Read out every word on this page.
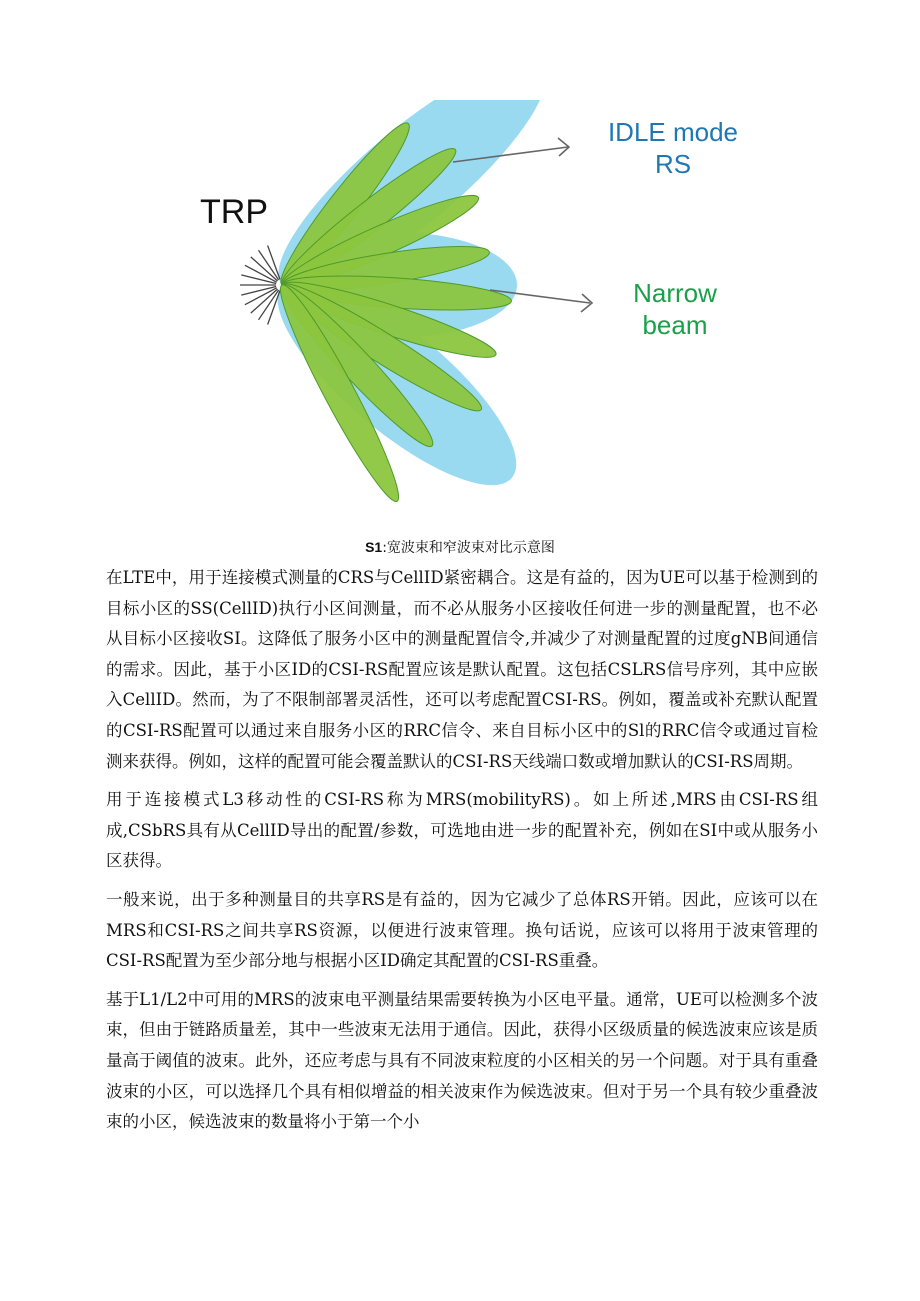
TRP
IDLE mode
RS
Narrow
beam
S1:宽波束和窄波束对比示意图

在LTE中，用于连接模式测量的CRS与CellID紧密耦合。这是有益的，因为UE可以基于检测到的目标小区的SS(CellID)执行小区间测量，而不必从服务小区接收任何进一步的测量配置，也不必从目标小区接收SI。这降低了服务小区中的测量配置信令,并减少了对测量配置的过度gNB间通信的需求。因此，基于小区ID的CSI-RS配置应该是默认配置。这包括CSLRS信号序列，其中应嵌入CellID。然而，为了不限制部署灵活性，还可以考虑配置CSI-RS。例如，覆盖或补充默认配置的CSI-RS配置可以通过来自服务小区的RRC信令、来自目标小区中的Sl的RRC信令或通过盲检测来获得。例如，这样的配置可能会覆盖默认的CSI-RS天线端口数或增加默认的CSI-RS周期。

用于连接模式L3移动性的CSI-RS称为MRS(mobilityRS)。如上所述,MRS由CSI-RS组成,CSbRS具有从CellID导出的配置/参数，可选地由进一步的配置补充，例如在SI中或从服务小区获得。

一般来说，出于多种测量目的共享RS是有益的，因为它减少了总体RS开销。因此，应该可以在MRS和CSI-RS之间共享RS资源，以便进行波束管理。换句话说，应该可以将用于波束管理的CSI-RS配置为至少部分地与根据小区ID确定其配置的CSI-RS重叠。

基于L1/L2中可用的MRS的波束电平测量结果需要转换为小区电平量。通常，UE可以检测多个波束，但由于链路质量差，其中一些波束无法用于通信。因此，获得小区级质量的候选波束应该是质量高于阈值的波束。此外，还应考虑与具有不同波束粒度的小区相关的另一个问题。对于具有重叠波束的小区，可以选择几个具有相似增益的相关波束作为候选波束。但对于另一个具有较少重叠波束的小区，候选波束的数量将小于第一个小
